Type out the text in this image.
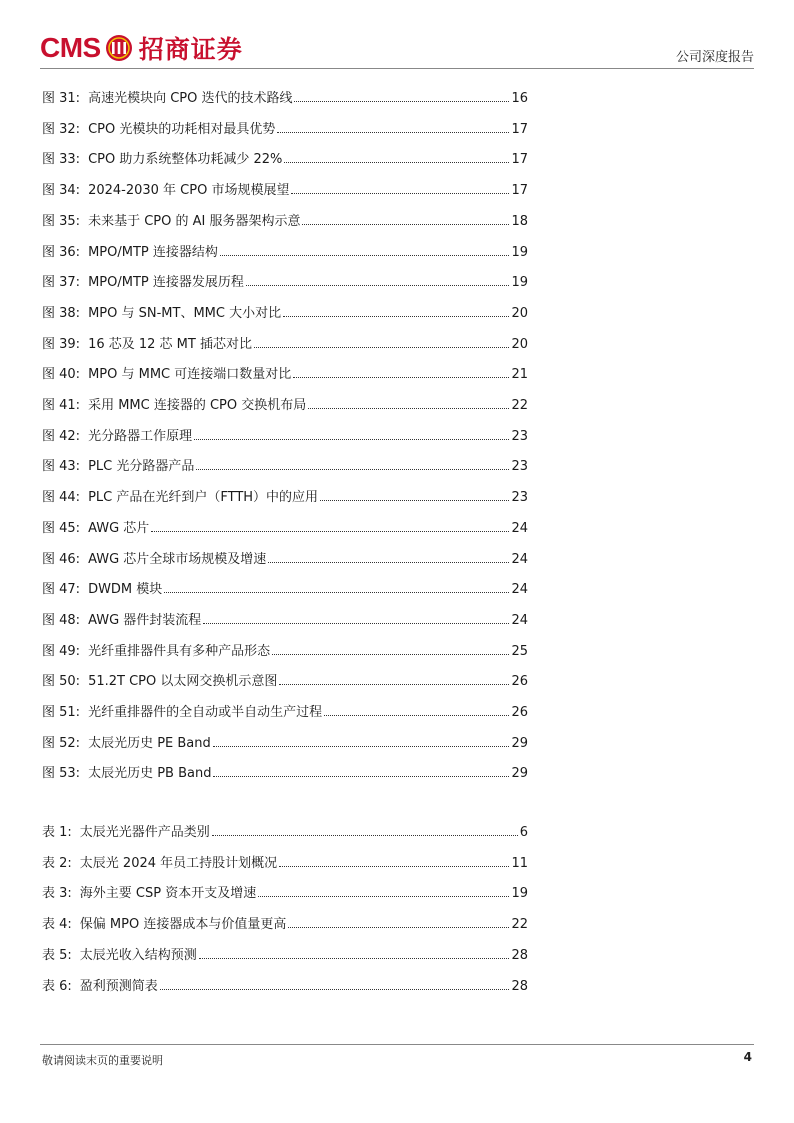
CMS 招商证券	公司深度报告
图 31: 高速光模块向 CPO 迭代的技术路线	16
图 32: CPO 光模块的功耗相对最具优势	17
图 33: CPO 助力系统整体功耗减少 22%	17
图 34: 2024-2030 年 CPO 市场规模展望	17
图 35: 未来基于 CPO 的 AI 服务器架构示意	18
图 36: MPO/MTP 连接器结构	19
图 37: MPO/MTP 连接器发展历程	19
图 38: MPO 与 SN-MT、MMC 大小对比	20
图 39: 16 芯及 12 芯 MT 插芯对比	20
图 40: MPO 与 MMC 可连接端口数量对比	21
图 41: 采用 MMC 连接器的 CPO 交换机布局	22
图 42: 光分路器工作原理	23
图 43: PLC 光分路器产品	23
图 44: PLC 产品在光纤到户（FTTH）中的应用	23
图 45: AWG 芯片	24
图 46: AWG 芯片全球市场规模及增速	24
图 47: DWDM 模块	24
图 48: AWG 器件封装流程	24
图 49: 光纤重排器件具有多种产品形态	25
图 50: 51.2T CPO 以太网交换机示意图	26
图 51: 光纤重排器件的全自动或半自动生产过程	26
图 52: 太辰光历史 PE Band	29
图 53: 太辰光历史 PB Band	29
表 1: 太辰光光器件产品类别	6
表 2: 太辰光 2024 年员工持股计划概况	11
表 3: 海外主要 CSP 资本开支及增速	19
表 4: 保偏 MPO 连接器成本与价值量更高	22
表 5: 太辰光收入结构预测	28
表 6: 盈利预测简表	28
敬请阅读末页的重要说明	4
